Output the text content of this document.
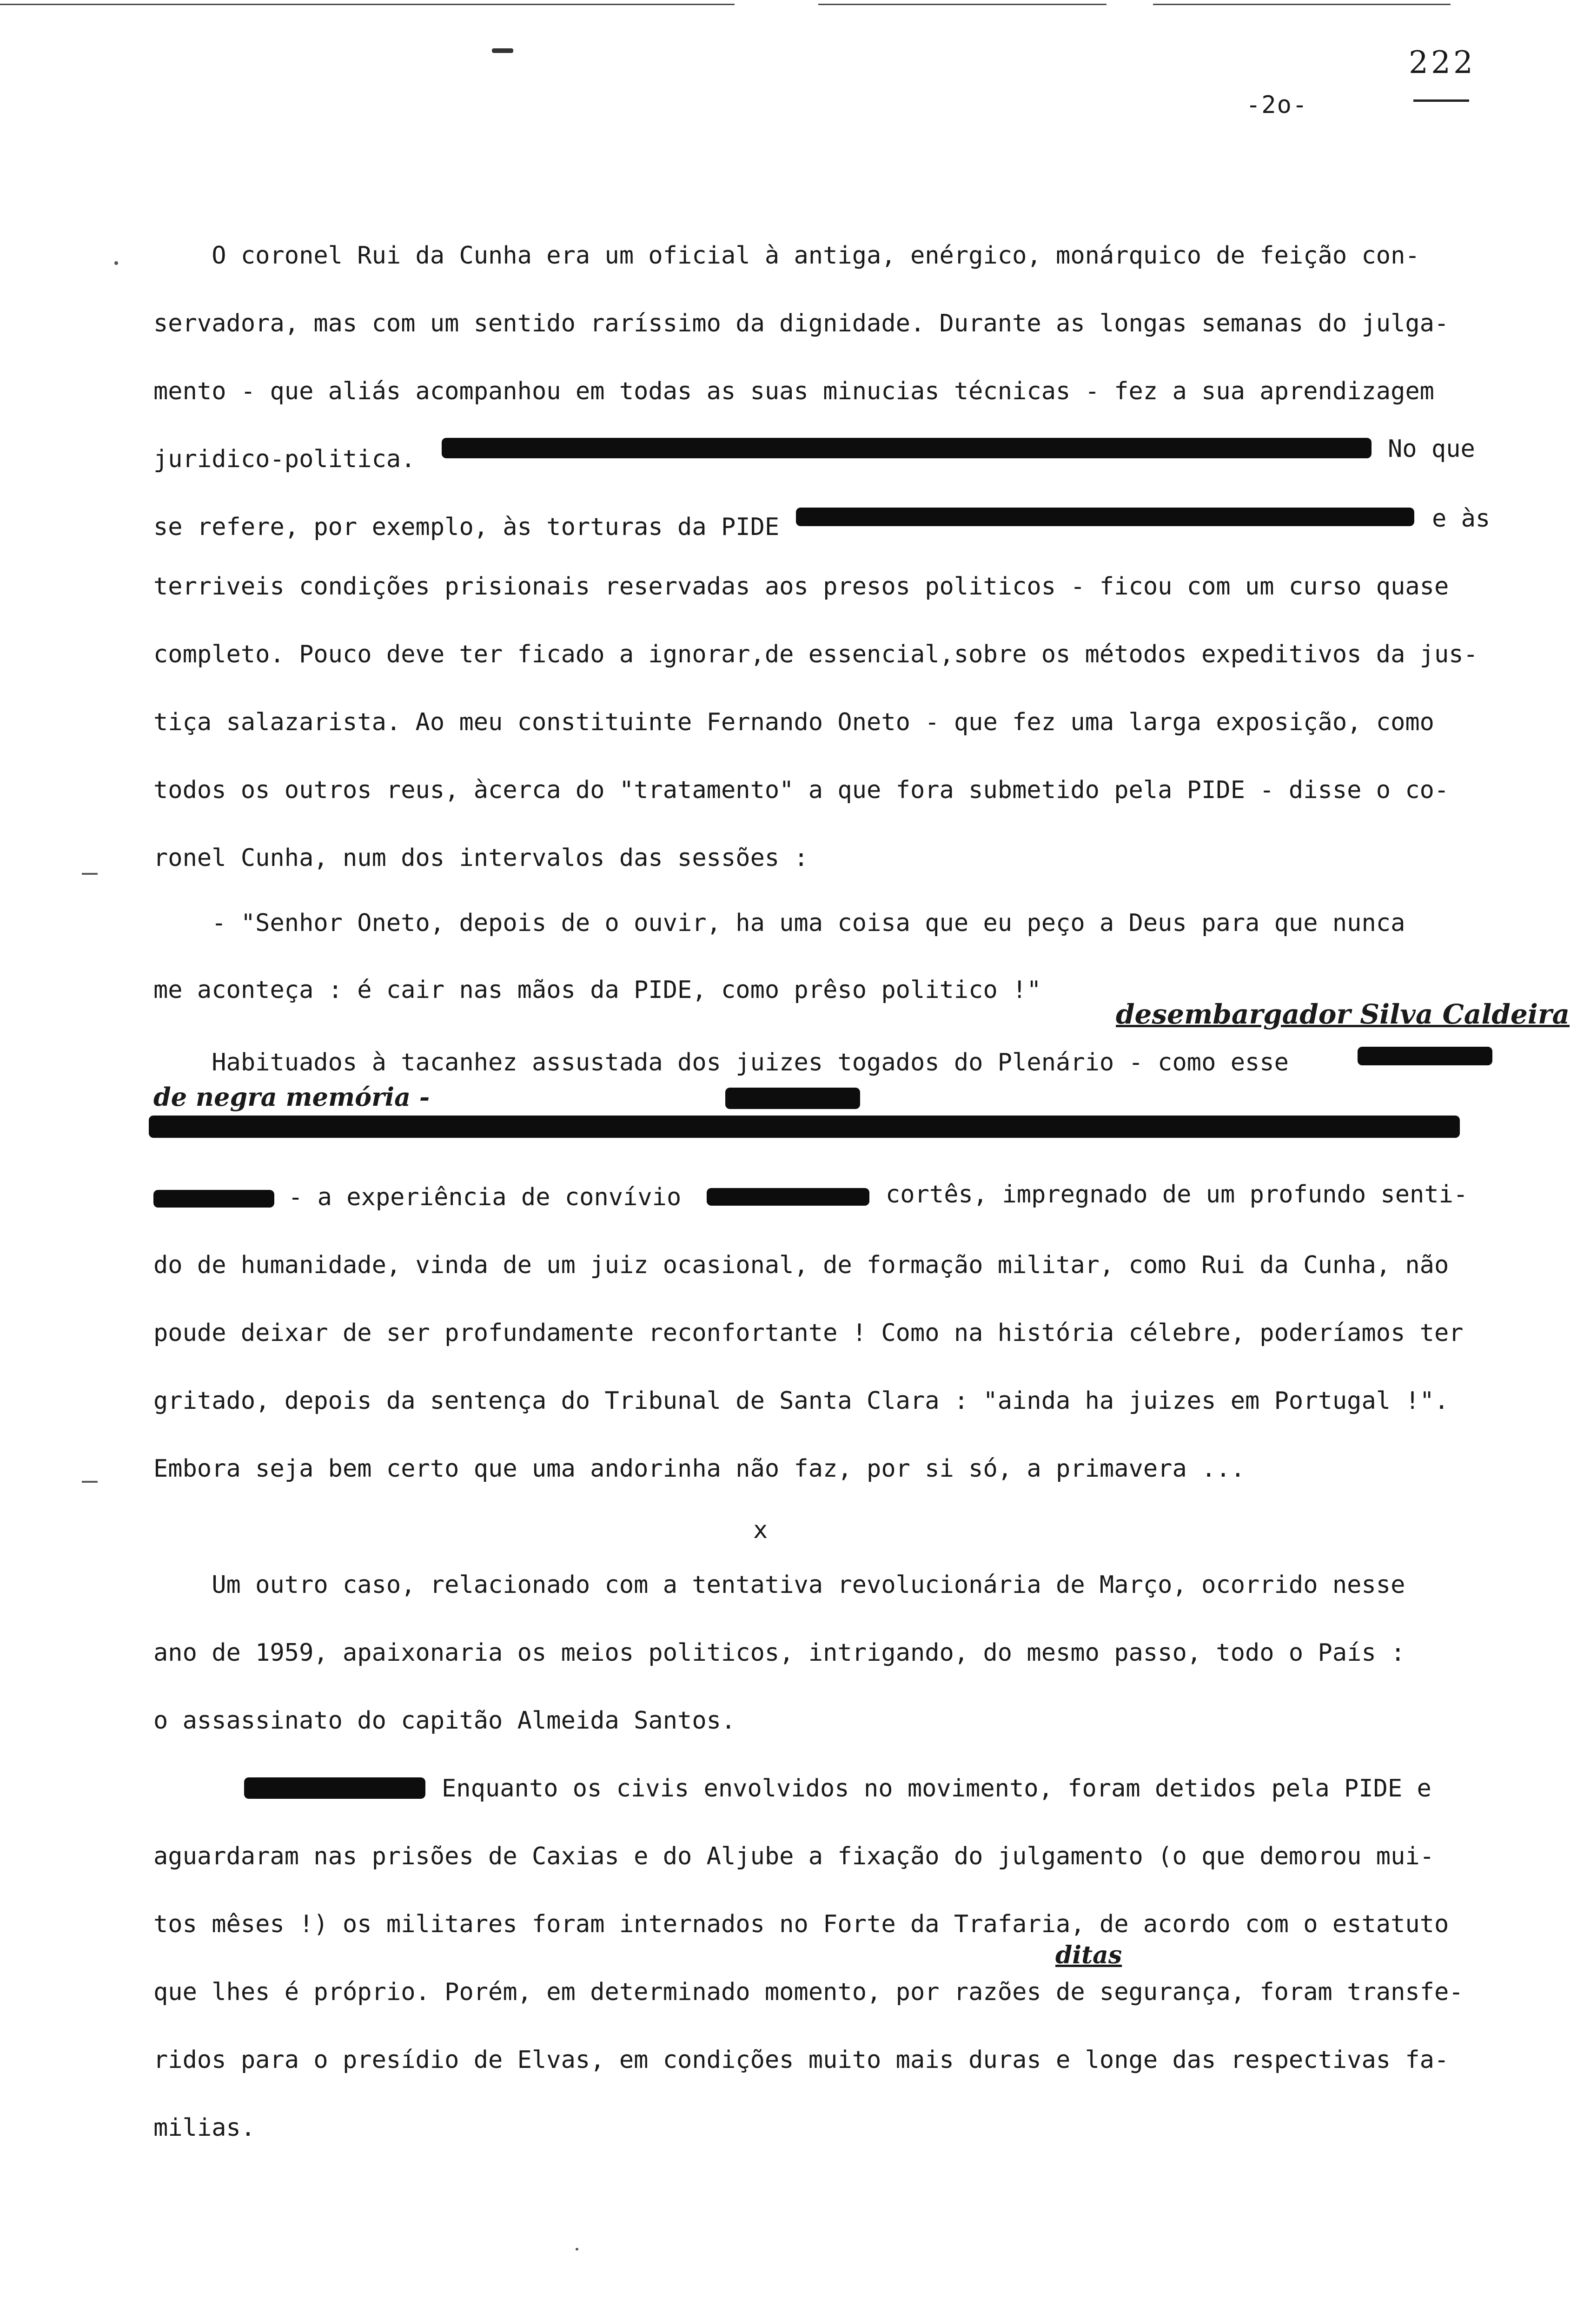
-2o-
222
O coronel Rui da Cunha era um oficial à antiga, enérgico, monárquico de feição con-
servadora, mas com um sentido raríssimo da dignidade. Durante as longas semanas do julga-
mento - que aliás acompanhou em todas as suas minucias técnicas - fez a sua aprendizagem
juridico-politica.	No que
se refere, por exemplo, às torturas da PIDE	e às
terriveis condições prisionais reservadas aos presos politicos - ficou com um curso quase
completo. Pouco deve ter ficado a ignorar,de essencial,sobre os métodos expeditivos da jus-
tiça salazarista. Ao meu constituinte Fernando Oneto - que fez uma larga exposição, como
todos os outros reus, àcerca do "tratamento" a que fora submetido pela PIDE - disse o co-
ronel Cunha, num dos intervalos das sessões :
- "Senhor Oneto, depois de o ouvir, ha uma coisa que eu peço a Deus para que nunca
me aconteça : é cair nas mãos da PIDE, como prêso politico !"
desembargador Silva Caldeira
Habituados à tacanhez assustada dos juizes togados do Plenário - como esse
de negra memória -
- a experiência de convívio	cortês, impregnado de um profundo senti-
do de humanidade, vinda de um juiz ocasional, de formação militar, como Rui da Cunha, não
poude deixar de ser profundamente reconfortante ! Como na história célebre, poderíamos ter
gritado, depois da sentença do Tribunal de Santa Clara : "ainda ha juizes em Portugal !".
Embora seja bem certo que uma andorinha não faz, por si só, a primavera ...
x
Um outro caso, relacionado com a tentativa revolucionária de Março, ocorrido nesse
ano de 1959, apaixonaria os meios politicos, intrigando, do mesmo passo, todo o País :
o assassinato do capitão Almeida Santos.
Enquanto os civis envolvidos no movimento, foram detidos pela PIDE e
aguardaram nas prisões de Caxias e do Aljube a fixação do julgamento (o que demorou mui-
tos mêses !) os militares foram internados no Forte da Trafaria, de acordo com o estatuto
que lhes é próprio. Porém, em determinado momento, por razões de segurança, foram transfe-
ditas
ridos para o presídio de Elvas, em condições muito mais duras e longe das respectivas fa-
milias.
